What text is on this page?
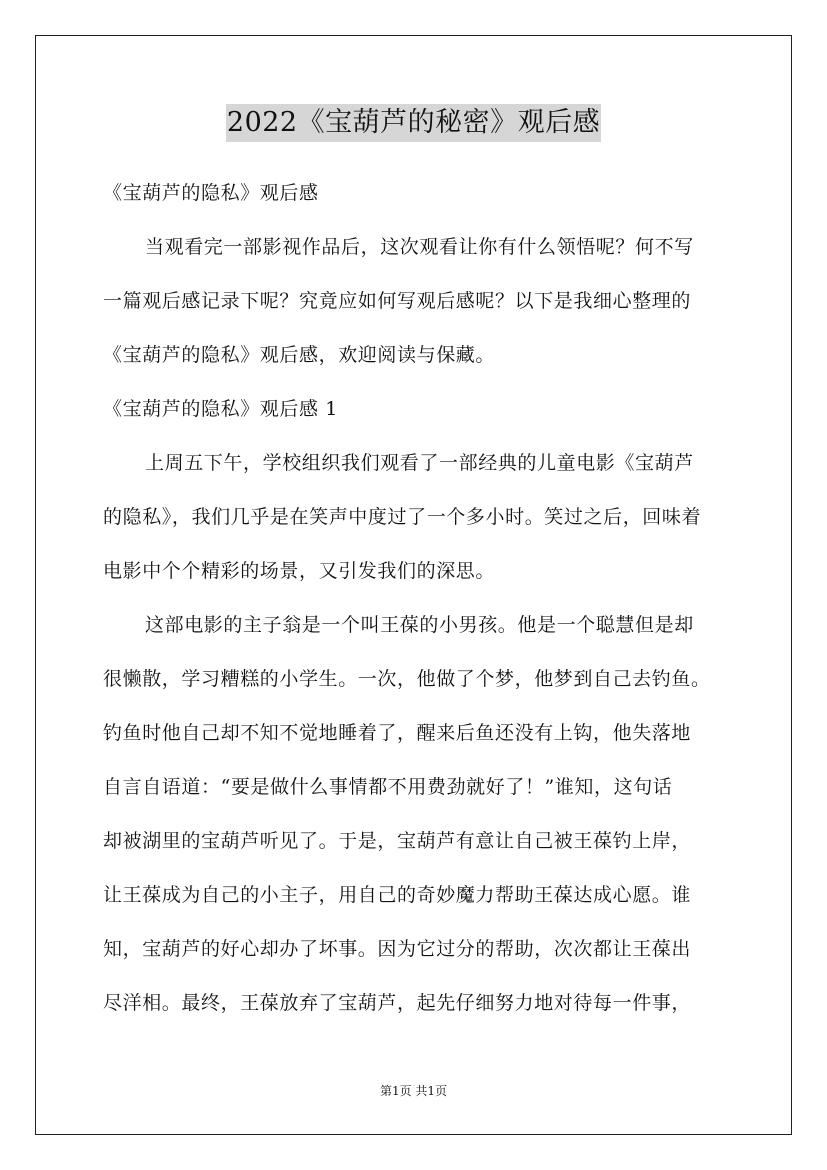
2022《宝葫芦的秘密》观后感
《宝葫芦的隐私》观后感
当观看完一部影视作品后，这次观看让你有什么领悟呢？何不写
一篇观后感记录下呢？究竟应如何写观后感呢？以下是我细心整理的
《宝葫芦的隐私》观后感，欢迎阅读与保藏。
《宝葫芦的隐私》观后感 1
上周五下午，学校组织我们观看了一部经典的儿童电影《宝葫芦
的隐私》，我们几乎是在笑声中度过了一个多小时。笑过之后，回味着
电影中个个精彩的场景，又引发我们的深思。
这部电影的主子翁是一个叫王葆的小男孩。他是一个聪慧但是却
很懒散，学习糟糕的小学生。一次，他做了个梦，他梦到自己去钓鱼。
钓鱼时他自己却不知不觉地睡着了，醒来后鱼还没有上钩，他失落地
自言自语道：“要是做什么事情都不用费劲就好了！”谁知，这句话
却被湖里的宝葫芦听见了。于是，宝葫芦有意让自己被王葆钓上岸，
让王葆成为自己的小主子，用自己的奇妙魔力帮助王葆达成心愿。谁
知，宝葫芦的好心却办了坏事。因为它过分的帮助，次次都让王葆出
尽洋相。最终，王葆放弃了宝葫芦，起先仔细努力地对待每一件事，
第1页 共1页
